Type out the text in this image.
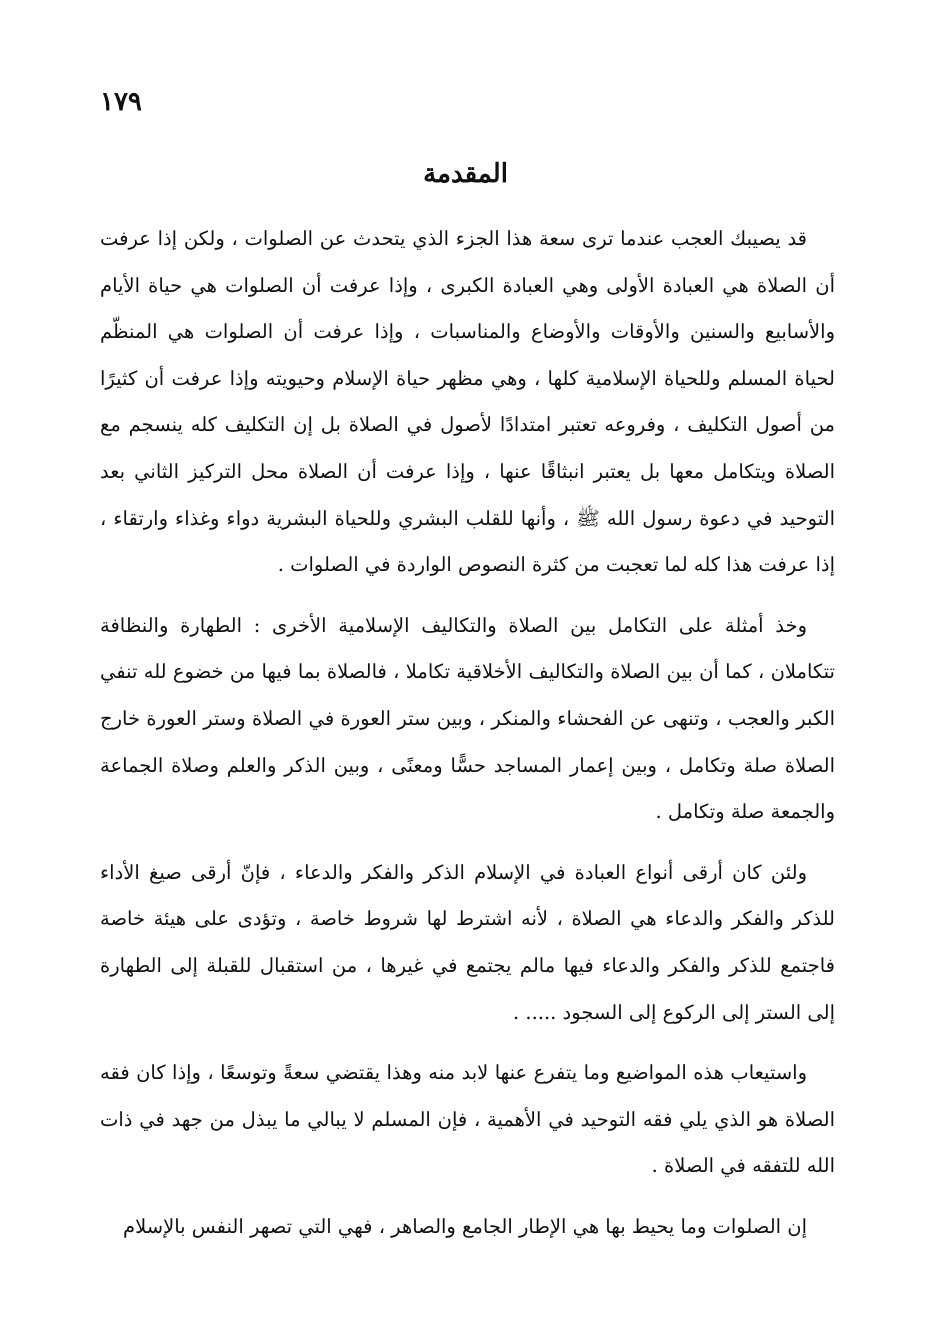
١٧٩
المقدمة

قد يصيبك العجب عندما ترى سعة هذا الجزء الذي يتحدث عن الصلوات ، ولكن إذا عرفت أن الصلاة هي العبادة الأولى وهي العبادة الكبرى ، وإذا عرفت أن الصلوات هي حياة الأيام والأسابيع والسنين والأوقات والأوضاع والمناسبات ، وإذا عرفت أن الصلوات هي المنظّم لحياة المسلم وللحياة الإسلامية كلها ، وهي مظهر حياة الإسلام وحيويته وإذا عرفت أن كثيرًا من أصول التكليف ، وفروعه تعتبر امتدادًا لأصول في الصلاة بل إن التكليف كله ينسجم مع الصلاة ويتكامل معها بل يعتبر انبثاقًا عنها ، وإذا عرفت أن الصلاة محل التركيز الثاني بعد التوحيد في دعوة رسول الله ﷺ ، وأنها للقلب البشري وللحياة البشرية دواء وغذاء وارتقاء ، إذا عرفت هذا كله لما تعجبت من كثرة النصوص الواردة في الصلوات .

وخذ أمثلة على التكامل بين الصلاة والتكاليف الإسلامية الأخرى : الطهارة والنظافة تتكاملان ، كما أن بين الصلاة والتكاليف الأخلاقية تكاملا ، فالصلاة بما فيها من خضوع لله تنفي الكبر والعجب ، وتنهى عن الفحشاء والمنكر ، وبين ستر العورة في الصلاة وستر العورة خارج الصلاة صلة وتكامل ، وبين إعمار المساجد حسًّا ومعنًى ، وبين الذكر والعلم وصلاة الجماعة والجمعة صلة وتكامل .

ولئن كان أرقى أنواع العبادة في الإسلام الذكر والفكر والدعاء ، فإنّ أرقى صيغ الأداء للذكر والفكر والدعاء هي الصلاة ، لأنه اشترط لها شروط خاصة ، وتؤدى على هيئة خاصة فاجتمع للذكر والفكر والدعاء فيها مالم يجتمع في غيرها ، من استقبال للقبلة إلى الطهارة إلى الستر إلى الركوع إلى السجود ..... .

واستيعاب هذه المواضيع وما يتفرع عنها لابد منه وهذا يقتضي سعةً وتوسعًا ، وإذا كان فقه الصلاة هو الذي يلي فقه التوحيد في الأهمية ، فإن المسلم لا يبالي ما يبذل من جهد في ذات الله للتفقه في الصلاة .

إن الصلوات وما يحيط بها هي الإطار الجامع والصاهر ، فهي التي تصهر النفس بالإسلام
